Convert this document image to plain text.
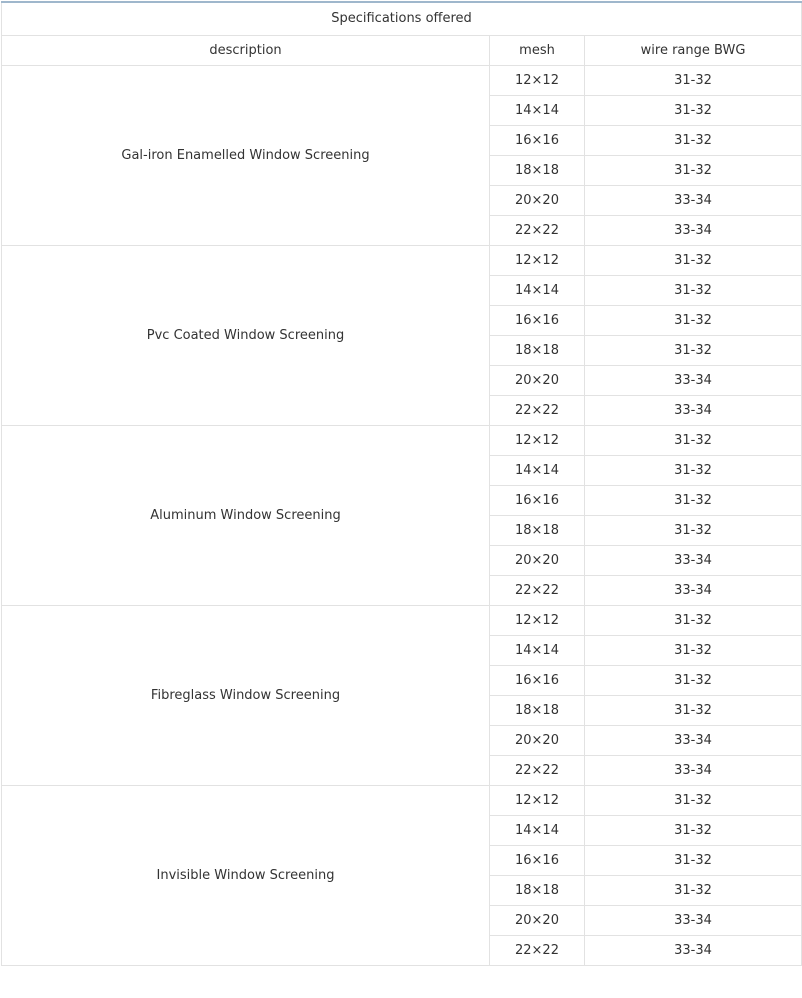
Specifications offered		
description	mesh	wire range BWG
Gal-iron Enamelled Window Screening	12×12	31-32
	14×14	31-32
	16×16	31-32
	18×18	31-32
	20×20	33-34
	22×22	33-34
Pvc Coated Window Screening	12×12	31-32
	14×14	31-32
	16×16	31-32
	18×18	31-32
	20×20	33-34
	22×22	33-34
Aluminum Window Screening	12×12	31-32
	14×14	31-32
	16×16	31-32
	18×18	31-32
	20×20	33-34
	22×22	33-34
Fibreglass Window Screening	12×12	31-32
	14×14	31-32
	16×16	31-32
	18×18	31-32
	20×20	33-34
	22×22	33-34
Invisible Window Screening	12×12	31-32
	14×14	31-32
	16×16	31-32
	18×18	31-32
	20×20	33-34
	22×22	33-34
